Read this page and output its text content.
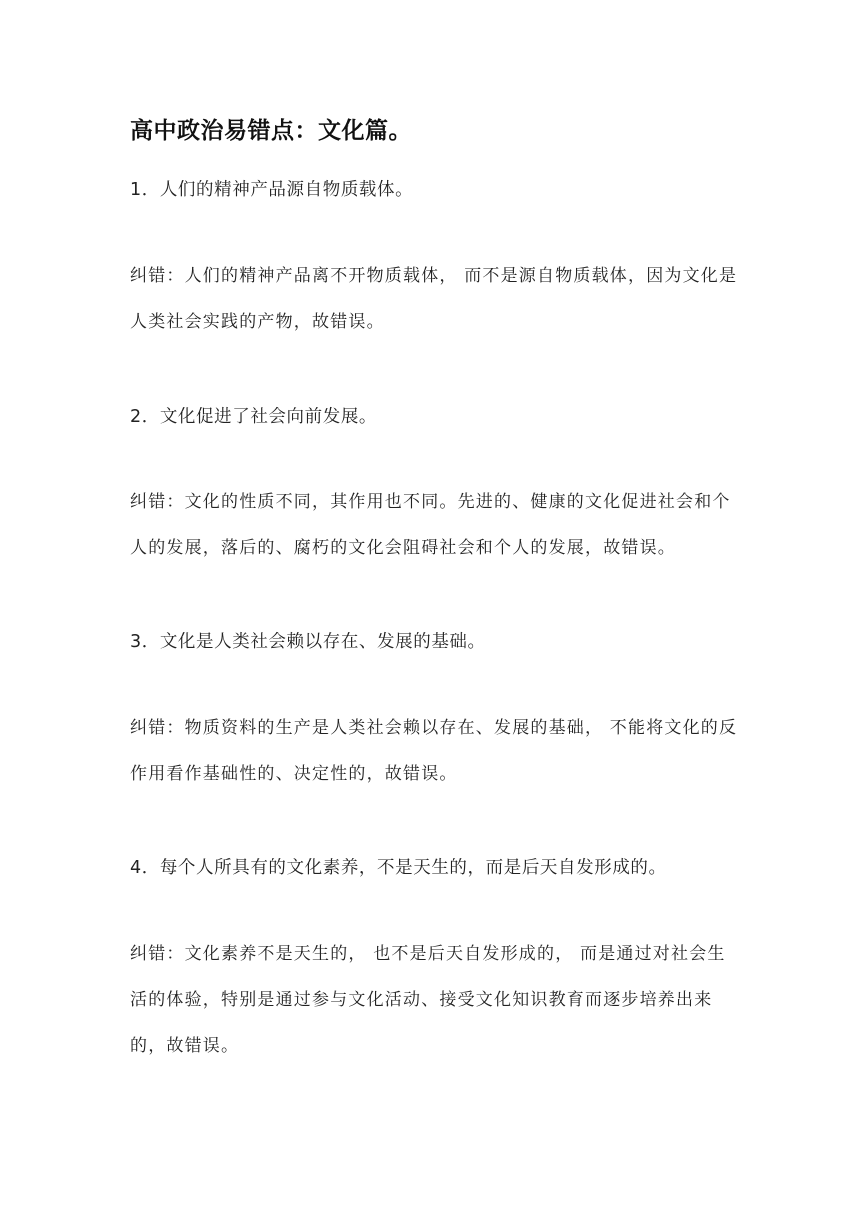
高中政治易错点：文化篇。
1．人们的精神产品源自物质载体。

纠错：人们的精神产品离不开物质载体， 而不是源自物质载体，因为文化是人类社会实践的产物，故错误。

2．文化促进了社会向前发展。

纠错：文化的性质不同，其作用也不同。先进的、健康的文化促进社会和个人的发展，落后的、腐朽的文化会阻碍社会和个人的发展，故错误。

3．文化是人类社会赖以存在、发展的基础。

纠错：物质资料的生产是人类社会赖以存在、发展的基础， 不能将文化的反作用看作基础性的、决定性的，故错误。

4．每个人所具有的文化素养，不是天生的，而是后天自发形成的。

纠错：文化素养不是天生的， 也不是后天自发形成的， 而是通过对社会生活的体验，特别是通过参与文化活动、接受文化知识教育而逐步培养出来的，故错误。
